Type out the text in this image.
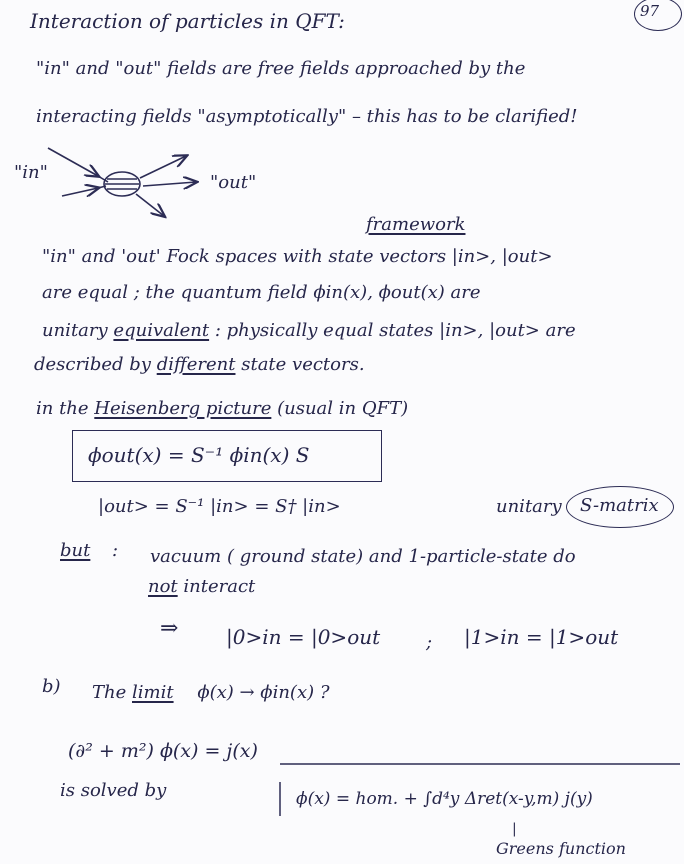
97
Interaction of particles in QFT:
"in" and "out" fields are free fields approached by the
interacting fields "asymptotically" – this has to be clarified!
"in"	"out"
framework
"in" and 'out' Fock spaces with state vectors |in>, |out>
are equal ; the quantum field ϕin(x), ϕout(x) are
unitary equivalent : physically equal states |in>, |out> are
described by different state vectors.
in the Heisenberg picture (usual in QFT)
ϕout(x) = S⁻¹ ϕin(x) S
|out> = S⁻¹ |in> = S† |in>	unitary S-matrix
but : vacuum ( ground state) and 1-particle-state do
not interact
⇒ |0>in = |0>out	; |1>in = |1>out
b) The limit ϕ(x) → ϕin(x) ?
(∂² + m²) ϕ(x) = j(x)
is solved by	ϕ(x) = hom. + ∫d⁴y Δret(x-y,m) j(y)
Greens function
|
